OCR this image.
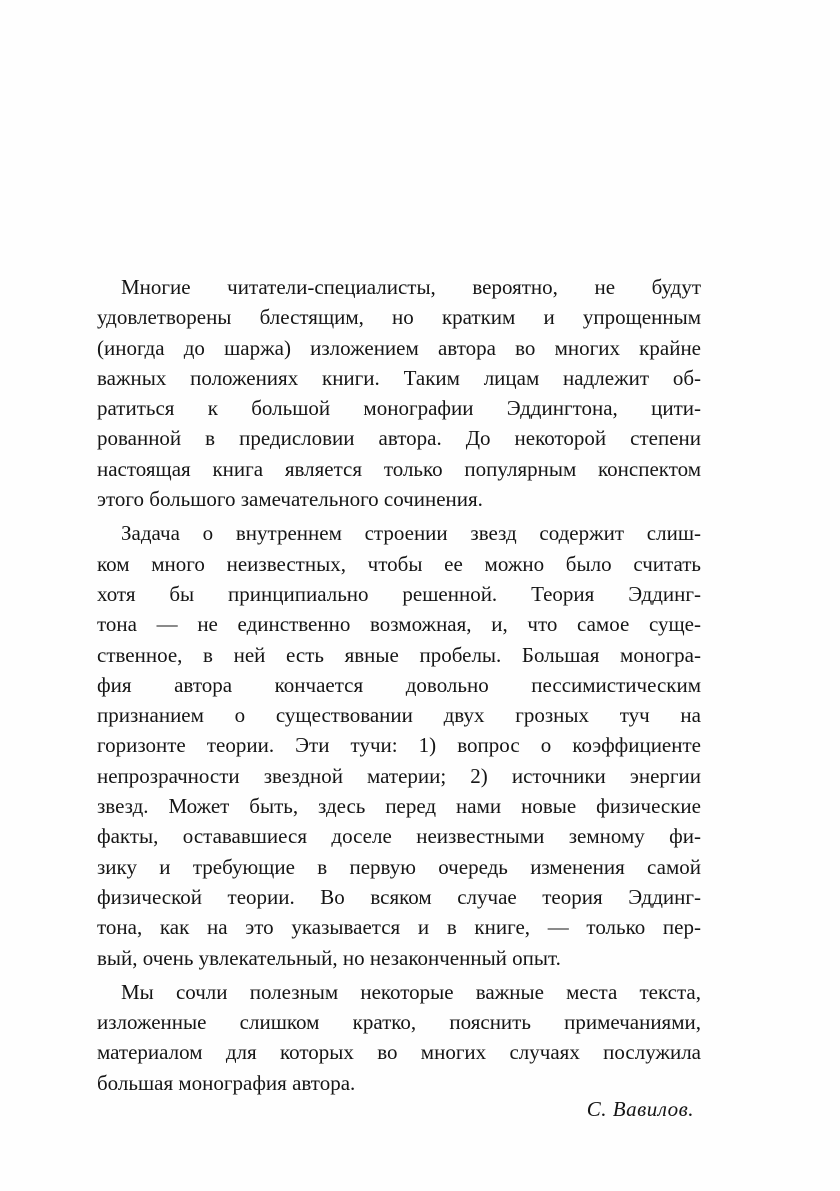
Многие читатели-специалисты, вероятно, не будут
удовлетворены блестящим, но кратким и упрощенным
(иногда до шаржа) изложением автора во многих крайне
важных положениях книги. Таким лицам надлежит об-
ратиться к большой монографии Эддингтона, цити-
рованной в предисловии автора. До некоторой степени
настоящая книга является только популярным конспектом
этого большого замечательного сочинения.
Задача о внутреннем строении звезд содержит слиш-
ком много неизвестных, чтобы ее можно было считать
хотя бы принципиально решенной. Теория Эддинг-
тона — не единственно возможная, и, что самое суще-
ственное, в ней есть явные пробелы. Большая моногра-
фия автора кончается довольно пессимистическим
признанием о существовании двух грозных туч на
горизонте теории. Эти тучи: 1) вопрос о коэффициенте
непрозрачности звездной материи; 2) источники энергии
звезд. Может быть, здесь перед нами новые физические
факты, остававшиеся доселе неизвестными земному фи-
зику и требующие в первую очередь изменения самой
физической теории. Во всяком случае теория Эддинг-
тона, как на это указывается и в книге, — только пер-
вый, очень увлекательный, но незаконченный опыт.
Мы сочли полезным некоторые важные места текста,
изложенные слишком кратко, пояснить примечаниями,
материалом для которых во многих случаях послужила
большая монография автора.
С. Вавилов.
